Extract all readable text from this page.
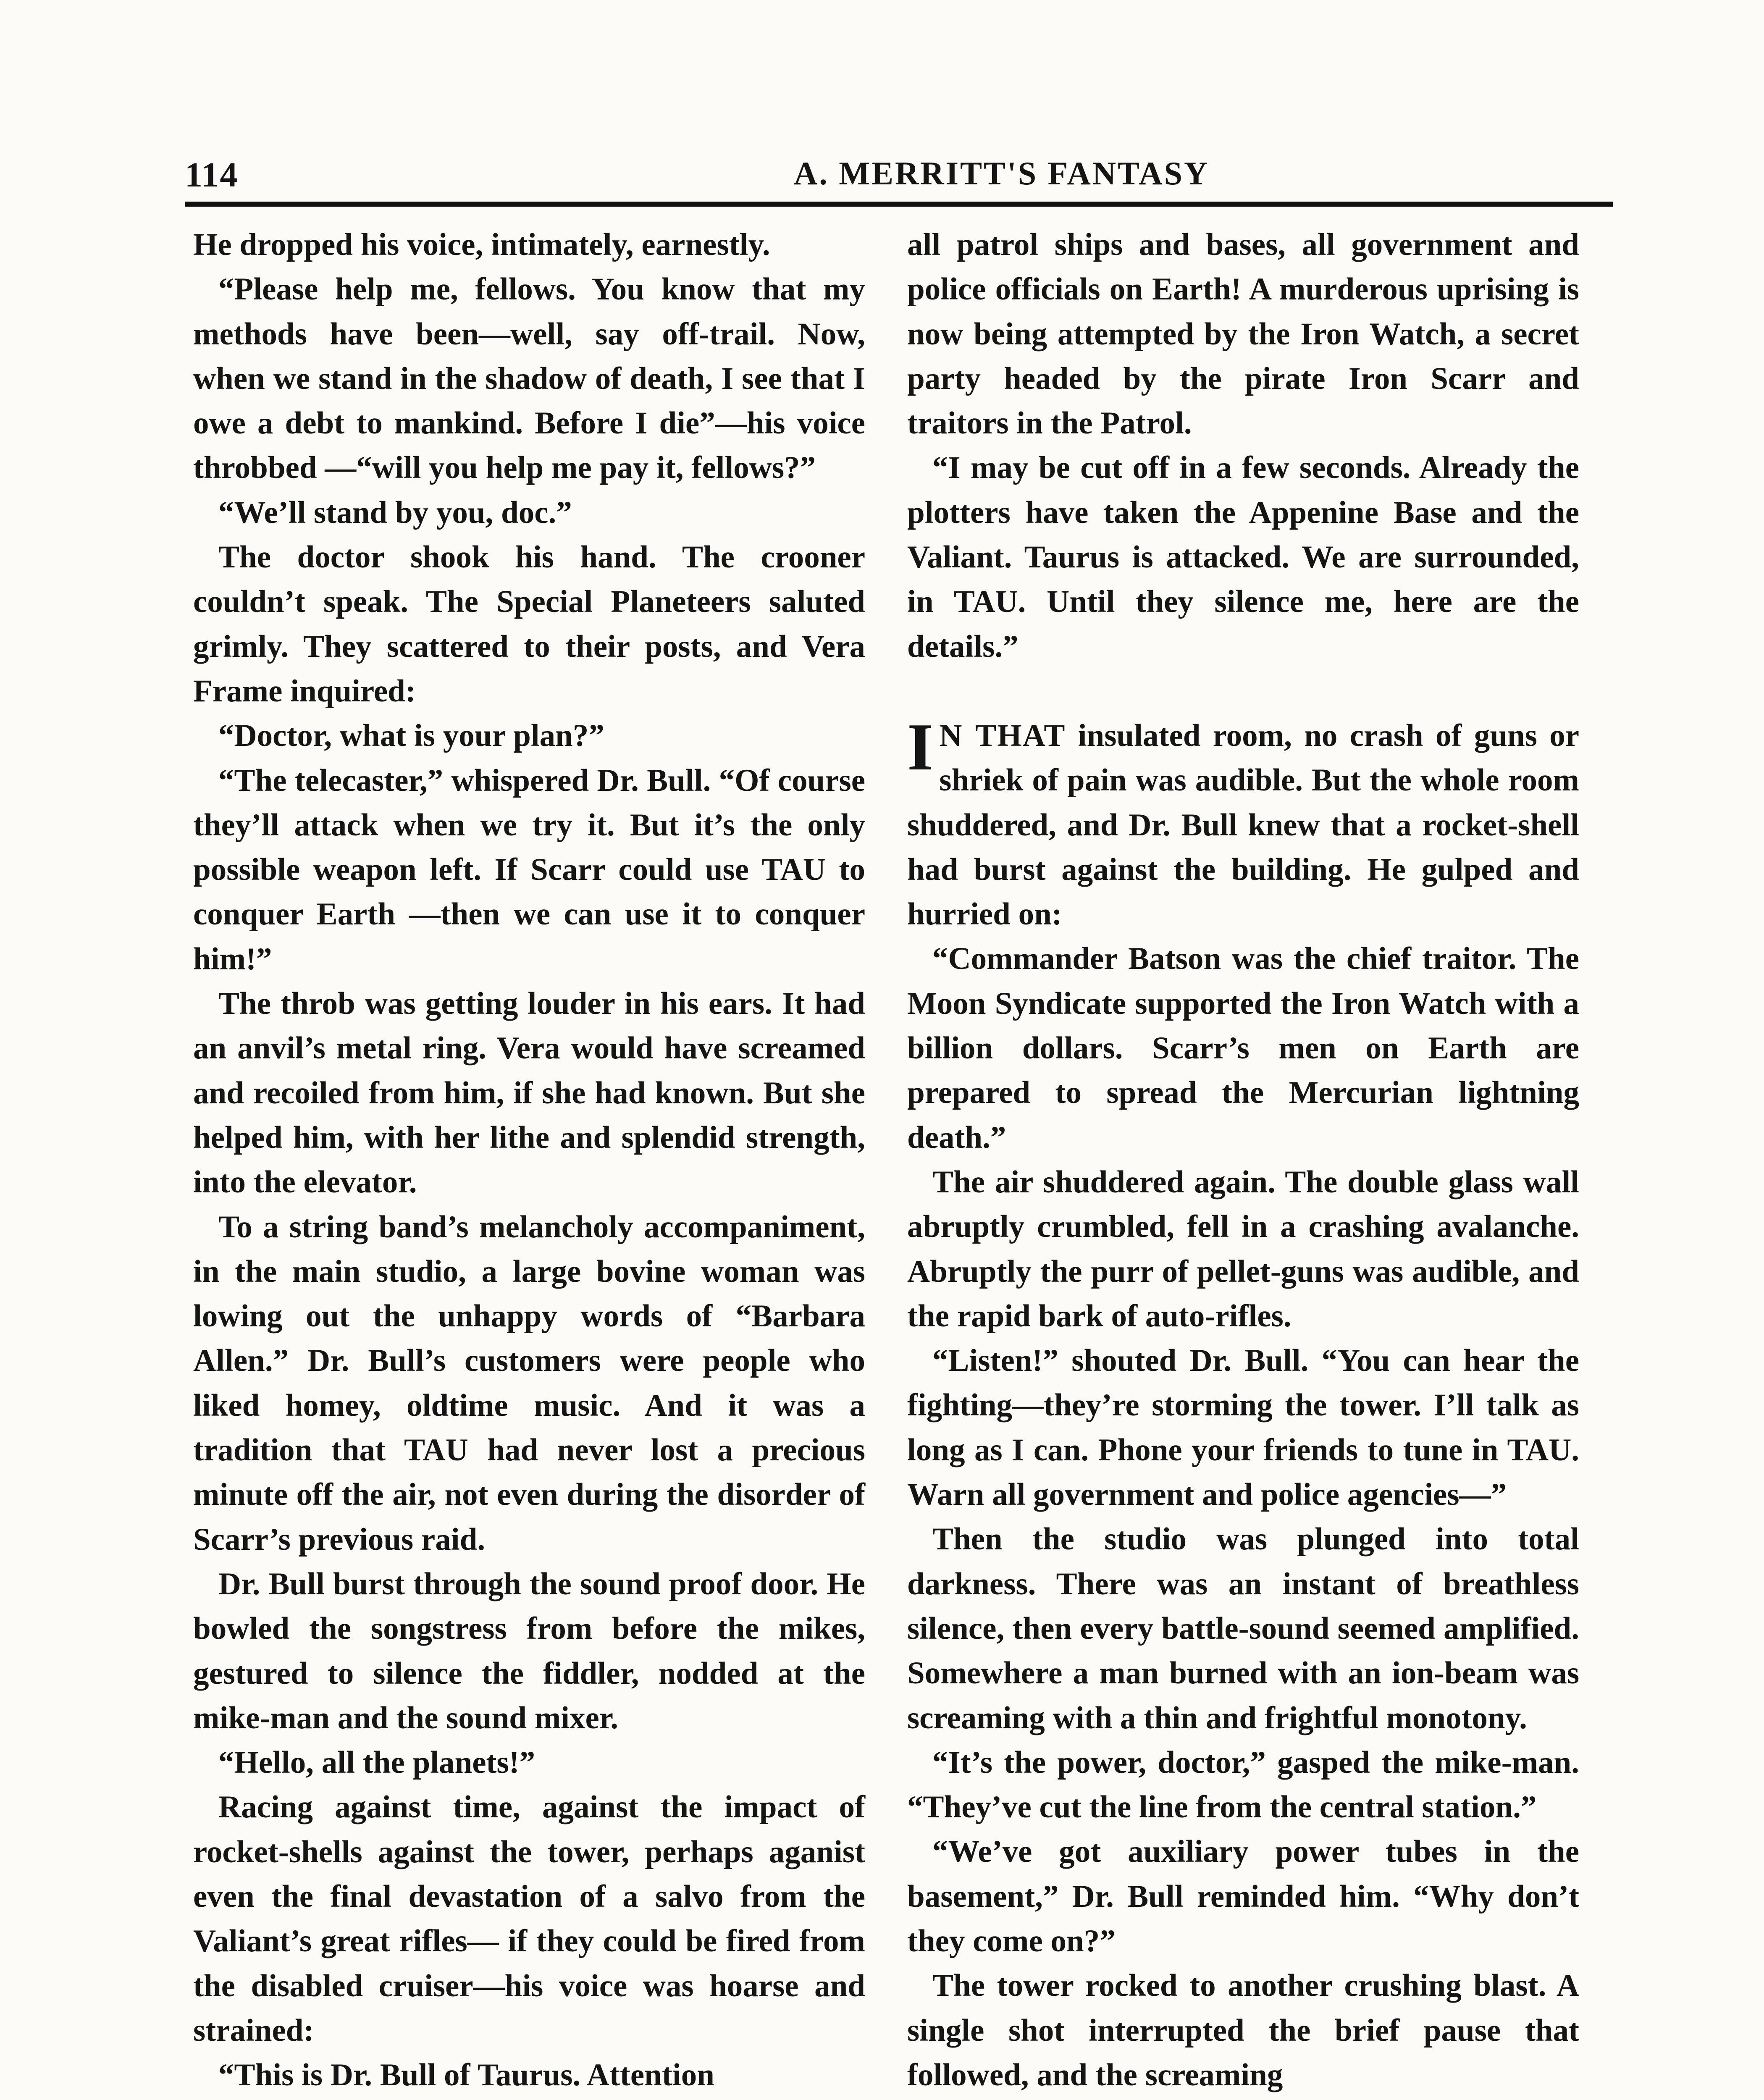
114	A. MERRITT'S FANTASY

He dropped his voice, intimately, earnestly.

“Please help me, fellows. You know that my methods have been—well, say off-trail. Now, when we stand in the shadow of death, I see that I owe a debt to mankind. Before I die”—his voice throbbed —“will you help me pay it, fellows?”

“We’ll stand by you, doc.”

The doctor shook his hand. The crooner couldn’t speak. The Special Planeteers saluted grimly. They scattered to their posts, and Vera Frame inquired:

“Doctor, what is your plan?”

“The telecaster,” whispered Dr. Bull. “Of course they’ll attack when we try it. But it’s the only possible weapon left. If Scarr could use TAU to conquer Earth —then we can use it to conquer him!”

The throb was getting louder in his ears. It had an anvil’s metal ring. Vera would have screamed and recoiled from him, if she had known. But she helped him, with her lithe and splendid strength, into the elevator.

To a string band’s melancholy accompaniment, in the main studio, a large bovine woman was lowing out the unhappy words of “Barbara Allen.” Dr. Bull’s customers were people who liked homey, oldtime music. And it was a tradition that TAU had never lost a precious minute off the air, not even during the disorder of Scarr’s previous raid.

Dr. Bull burst through the sound proof door. He bowled the songstress from before the mikes, gestured to silence the fiddler, nodded at the mike-man and the sound mixer.

“Hello, all the planets!”

Racing against time, against the impact of rocket-shells against the tower, perhaps aganist even the final devastation of a salvo from the Valiant’s great rifles— if they could be fired from the disabled cruiser—his voice was hoarse and strained:

“This is Dr. Bull of Taurus. Attention

all patrol ships and bases, all government and police officials on Earth! A murderous uprising is now being attempted by the Iron Watch, a secret party headed by the pirate Iron Scarr and traitors in the Patrol.

“I may be cut off in a few seconds. Already the plotters have taken the Appenine Base and the Valiant. Taurus is attacked. We are surrounded, in TAU. Until they silence me, here are the details.”

I N THAT insulated room, no crash of guns or shriek of pain was audible. But the whole room shuddered, and Dr. Bull knew that a rocket-shell had burst against the building. He gulped and hurried on:

“Commander Batson was the chief traitor. The Moon Syndicate supported the Iron Watch with a billion dollars. Scarr’s men on Earth are prepared to spread the Mercurian lightning death.”

The air shuddered again. The double glass wall abruptly crumbled, fell in a crashing avalanche. Abruptly the purr of pellet-guns was audible, and the rapid bark of auto-rifles.

“Listen!” shouted Dr. Bull. “You can hear the fighting—they’re storming the tower. I’ll talk as long as I can. Phone your friends to tune in TAU. Warn all government and police agencies—”

Then the studio was plunged into total darkness. There was an instant of breathless silence, then every battle-sound seemed amplified. Somewhere a man burned with an ion-beam was screaming with a thin and frightful monotony.

“It’s the power, doctor,” gasped the mike-man. “They’ve cut the line from the central station.”

“We’ve got auxiliary power tubes in the basement,” Dr. Bull reminded him. “Why don’t they come on?”

The tower rocked to another crushing blast. A single shot interrupted the brief pause that followed, and the screaming
